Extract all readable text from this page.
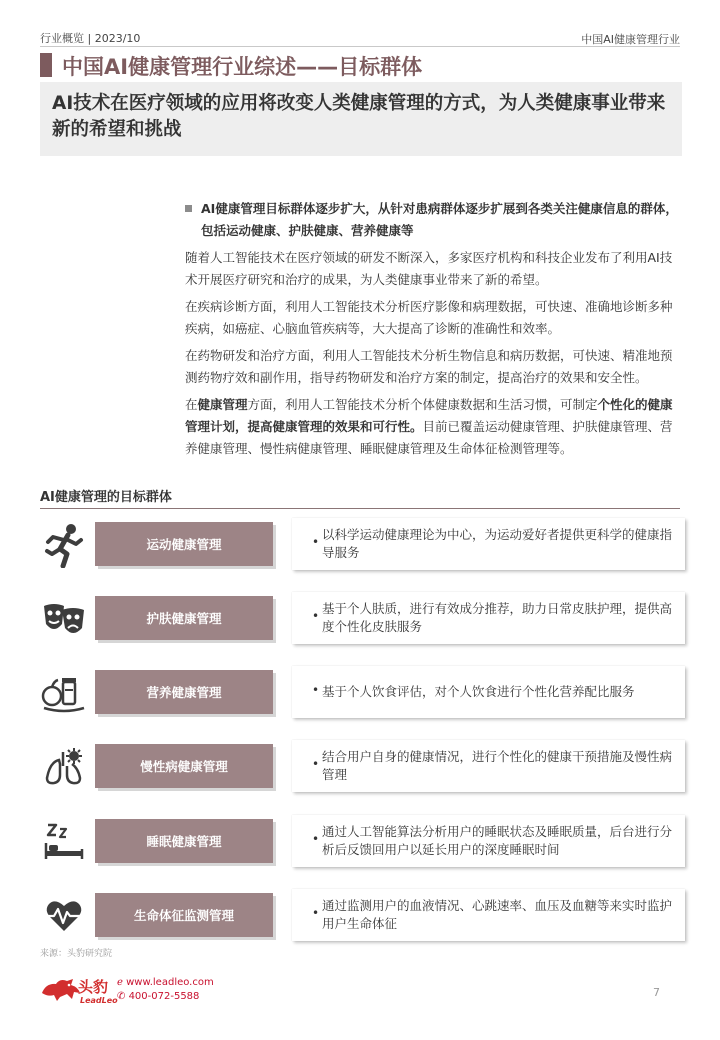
行业概览 | 2023/10	中国AI健康管理行业
中国AI健康管理行业综述——目标群体
AI技术在医疗领域的应用将改变人类健康管理的方式，为人类健康事业带来新的希望和挑战
AI健康管理目标群体逐步扩大，从针对患病群体逐步扩展到各类关注健康信息的群体，包括运动健康、护肤健康、营养健康等

随着人工智能技术在医疗领域的研发不断深入，多家医疗机构和科技企业发布了利用AI技术开展医疗研究和治疗的成果，为人类健康事业带来了新的希望。

在疾病诊断方面，利用人工智能技术分析医疗影像和病理数据，可快速、准确地诊断多种疾病，如癌症、心脑血管疾病等，大大提高了诊断的准确性和效率。

在药物研发和治疗方面，利用人工智能技术分析生物信息和病历数据，可快速、精准地预测药物疗效和副作用，指导药物研发和治疗方案的制定，提高治疗的效果和安全性。

在健康管理方面，利用人工智能技术分析个体健康数据和生活习惯，可制定个性化的健康管理计划，提高健康管理的效果和可行性。目前已覆盖运动健康管理、护肤健康管理、营养健康管理、慢性病健康管理、睡眠健康管理及生命体征检测管理等。

AI健康管理的目标群体
运动健康管理	• 以科学运动健康理论为中心，为运动爱好者提供更科学的健康指导服务
护肤健康管理	• 基于个人肤质，进行有效成分推荐，助力日常皮肤护理，提供高度个性化皮肤服务
营养健康管理	• 基于个人饮食评估，对个人饮食进行个性化营养配比服务
慢性病健康管理	• 结合用户自身的健康情况，进行个性化的健康干预措施及慢性病管理
睡眠健康管理	• 通过人工智能算法分析用户的睡眠状态及睡眠质量，后台进行分析后反馈回用户以延长用户的深度睡眠时间
生命体征监测管理	• 通过监测用户的血液情况、心跳速率、血压及血糖等来实时监护用户生命体征
来源：头豹研究院
头豹
LeadLeo
ℯ www.leadleo.com
✆ 400-072-5588	7
